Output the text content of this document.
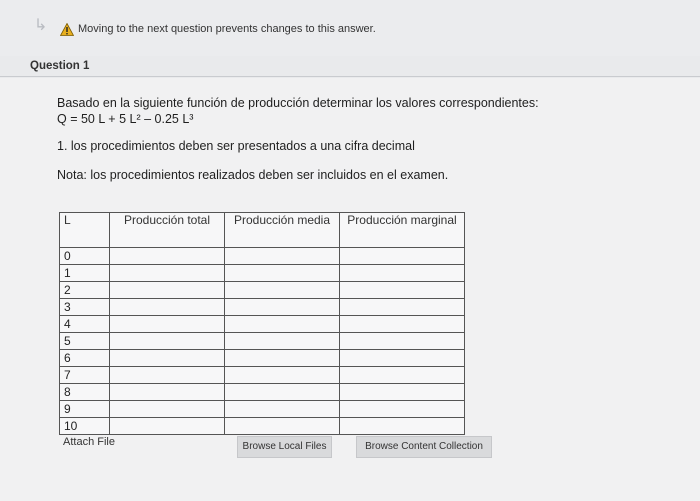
↳	Moving to the next question prevents changes to this answer.
Question 1
Basado en la siguiente función de producción determinar los valores correspondientes:
Q = 50 L + 5 L² – 0.25 L³
1. los procedimientos deben ser presentados a una cifra decimal
Nota: los procedimientos realizados deben ser incluidos en el examen.
L	Producción total	Producción media	Producción marginal
0			
1			
2			
3			
4			
5			
6			
7			
8			
9			
10			
Attach File	Browse Local Files	Browse Content Collection
